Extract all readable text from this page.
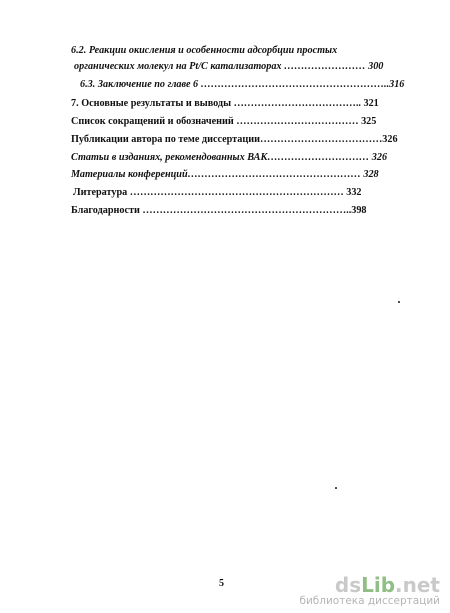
6.2. Реакции окисления и особенности адсорбции простых
органических молекул на Pt/C катализаторах …………………… 300
6.3. Заключение по главе 6 ………………………………………………..316
7. Основные результаты и выводы ……………………………….. 321
Список сокращений и обозначений ……………………………… 325
Публикации автора по теме диссертации………………………………326
Статьи в изданиях, рекомендованных ВАК………………………… 326
Материалы конференций…………………………………………… 328
Литература ……………………………………………………… 332
Благодарности ……………………………………………………..398
5	dsLib.net
библиотека диссертаций
